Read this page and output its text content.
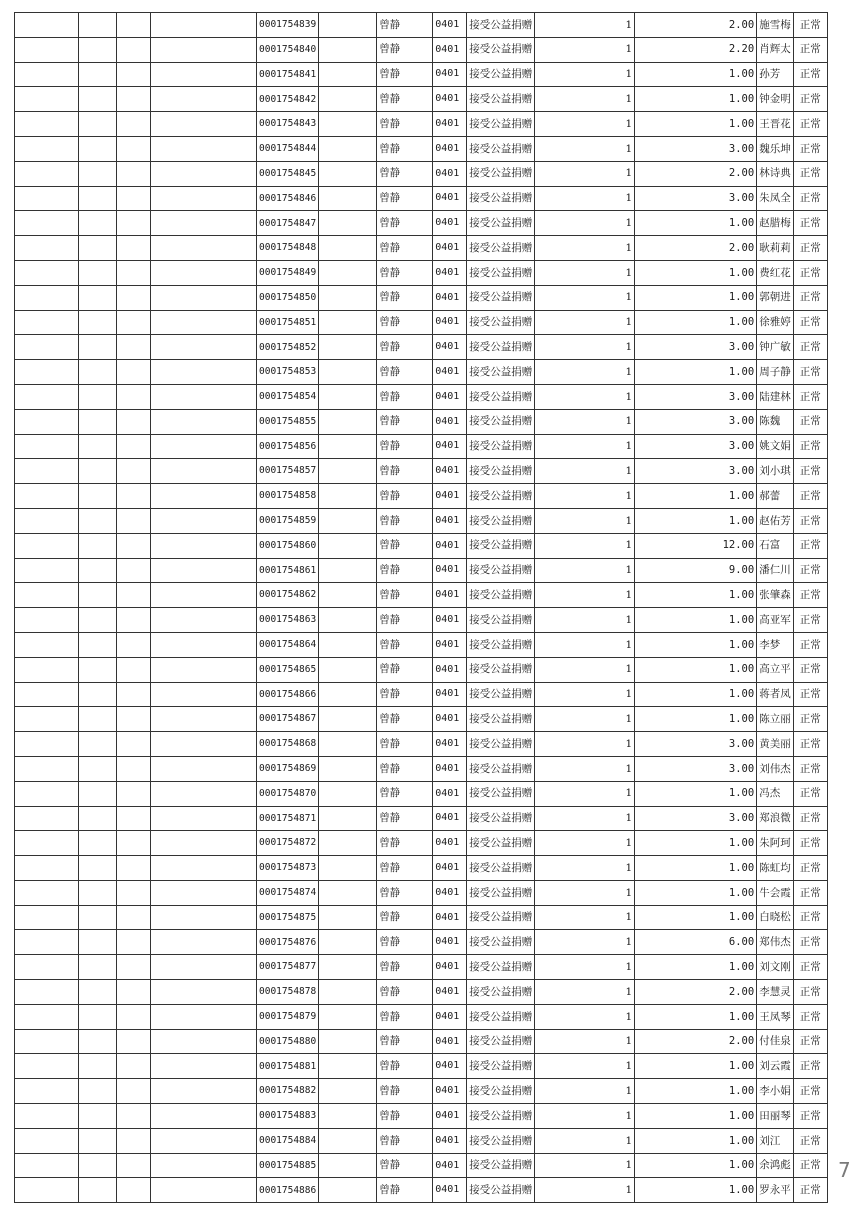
				0001754839		曾静	0401	接受公益捐赠	1	2.00	施雪梅	正常
				0001754840		曾静	0401	接受公益捐赠	1	2.20	肖辉太	正常
				0001754841		曾静	0401	接受公益捐赠	1	1.00	孙芳	正常
				0001754842		曾静	0401	接受公益捐赠	1	1.00	钟金明	正常
				0001754843		曾静	0401	接受公益捐赠	1	1.00	王晋花	正常
				0001754844		曾静	0401	接受公益捐赠	1	3.00	魏乐坤	正常
				0001754845		曾静	0401	接受公益捐赠	1	2.00	林诗典	正常
				0001754846		曾静	0401	接受公益捐赠	1	3.00	朱凤全	正常
				0001754847		曾静	0401	接受公益捐赠	1	1.00	赵腊梅	正常
				0001754848		曾静	0401	接受公益捐赠	1	2.00	耿莉莉	正常
				0001754849		曾静	0401	接受公益捐赠	1	1.00	费红花	正常
				0001754850		曾静	0401	接受公益捐赠	1	1.00	郭朝进	正常
				0001754851		曾静	0401	接受公益捐赠	1	1.00	徐雅婷	正常
				0001754852		曾静	0401	接受公益捐赠	1	3.00	钟广敏	正常
				0001754853		曾静	0401	接受公益捐赠	1	1.00	周子静	正常
				0001754854		曾静	0401	接受公益捐赠	1	3.00	陆建林	正常
				0001754855		曾静	0401	接受公益捐赠	1	3.00	陈魏	正常
				0001754856		曾静	0401	接受公益捐赠	1	3.00	姚文娟	正常
				0001754857		曾静	0401	接受公益捐赠	1	3.00	刘小琪	正常
				0001754858		曾静	0401	接受公益捐赠	1	1.00	郝蕾	正常
				0001754859		曾静	0401	接受公益捐赠	1	1.00	赵佑芳	正常
				0001754860		曾静	0401	接受公益捐赠	1	12.00	石富	正常
				0001754861		曾静	0401	接受公益捐赠	1	9.00	潘仁川	正常
				0001754862		曾静	0401	接受公益捐赠	1	1.00	张肇森	正常
				0001754863		曾静	0401	接受公益捐赠	1	1.00	高亚军	正常
				0001754864		曾静	0401	接受公益捐赠	1	1.00	李梦	正常
				0001754865		曾静	0401	接受公益捐赠	1	1.00	高立平	正常
				0001754866		曾静	0401	接受公益捐赠	1	1.00	蒋者凤	正常
				0001754867		曾静	0401	接受公益捐赠	1	1.00	陈立丽	正常
				0001754868		曾静	0401	接受公益捐赠	1	3.00	黄美丽	正常
				0001754869		曾静	0401	接受公益捐赠	1	3.00	刘伟杰	正常
				0001754870		曾静	0401	接受公益捐赠	1	1.00	冯杰	正常
				0001754871		曾静	0401	接受公益捐赠	1	3.00	郑浪微	正常
				0001754872		曾静	0401	接受公益捐赠	1	1.00	朱阿珂	正常
				0001754873		曾静	0401	接受公益捐赠	1	1.00	陈虹均	正常
				0001754874		曾静	0401	接受公益捐赠	1	1.00	牛会霞	正常
				0001754875		曾静	0401	接受公益捐赠	1	1.00	白晓松	正常
				0001754876		曾静	0401	接受公益捐赠	1	6.00	郑伟杰	正常
				0001754877		曾静	0401	接受公益捐赠	1	1.00	刘文刚	正常
				0001754878		曾静	0401	接受公益捐赠	1	2.00	李慧灵	正常
				0001754879		曾静	0401	接受公益捐赠	1	1.00	王凤琴	正常
				0001754880		曾静	0401	接受公益捐赠	1	2.00	付佳泉	正常
				0001754881		曾静	0401	接受公益捐赠	1	1.00	刘云霞	正常
				0001754882		曾静	0401	接受公益捐赠	1	1.00	李小娟	正常
				0001754883		曾静	0401	接受公益捐赠	1	1.00	田丽琴	正常
				0001754884		曾静	0401	接受公益捐赠	1	1.00	刘江	正常
				0001754885		曾静	0401	接受公益捐赠	1	1.00	余鸿彪	正常
				0001754886		曾静	0401	接受公益捐赠	1	1.00	罗永平	正常
7
